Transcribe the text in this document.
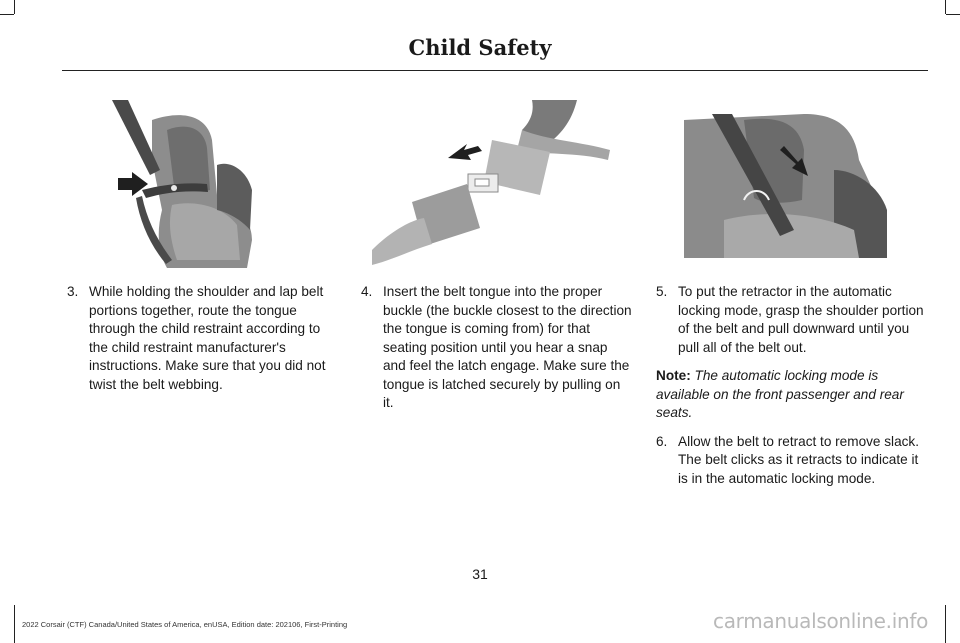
Child Safety
3. While holding the shoulder and lap belt portions together, route the tongue through the child restraint according to the child restraint manufacturer's instructions. Make sure that you did not twist the belt webbing.
4. Insert the belt tongue into the proper buckle (the buckle closest to the direction the tongue is coming from) for that seating position until you hear a snap and feel the latch engage. Make sure the tongue is latched securely by pulling on it.
5. To put the retractor in the automatic locking mode, grasp the shoulder portion of the belt and pull downward until you pull all of the belt out.
Note: The automatic locking mode is available on the front passenger and rear seats.
6. Allow the belt to retract to remove slack. The belt clicks as it retracts to indicate it is in the automatic locking mode.
31
2022 Corsair (CTF) Canada/United States of America, enUSA, Edition date: 202106, First-Printing	carmanualsonline.info
